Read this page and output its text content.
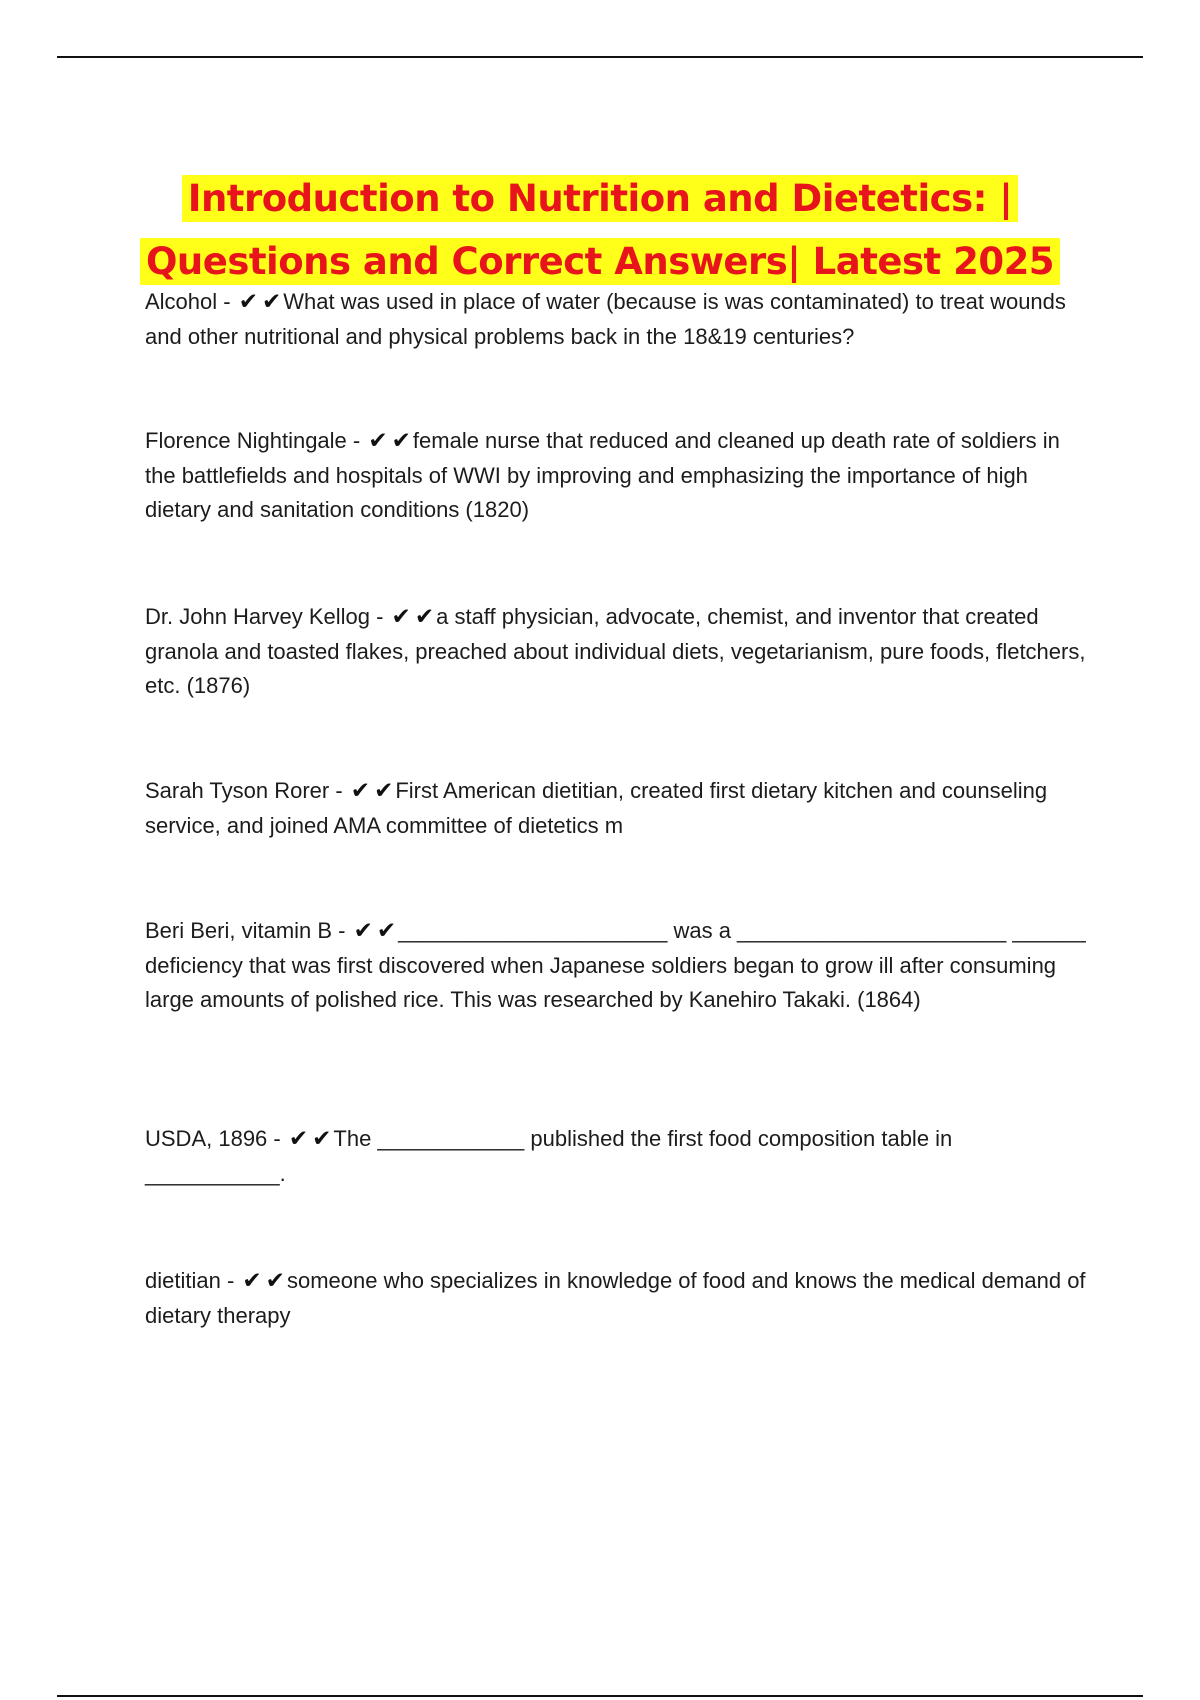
Introduction to Nutrition and Dietetics: |
Questions and Correct Answers| Latest 2025

Alcohol - ✔ ✔What was used in place of water (because is was contaminated) to treat wounds and other nutritional and physical problems back in the 18&19 centuries?

Florence Nightingale - ✔ ✔female nurse that reduced and cleaned up death rate of soldiers in the battlefields and hospitals of WWI by improving and emphasizing the importance of high dietary and sanitation conditions (1820)

Dr. John Harvey Kellog - ✔ ✔a staff physician, advocate, chemist, and inventor that created granola and toasted flakes, preached about individual diets, vegetarianism, pure foods, fletchers, etc. (1876)

Sarah Tyson Rorer - ✔ ✔First American dietitian, created first dietary kitchen and counseling service, and joined AMA committee of dietetics m

Beri Beri, vitamin B - ✔ ✔______________________ was a ______________________ ______ deficiency that was first discovered when Japanese soldiers began to grow ill after consuming large amounts of polished rice. This was researched by Kanehiro Takaki. (1864)

USDA, 1896 - ✔ ✔The ____________ published the first food composition table in ___________.

dietitian - ✔ ✔someone who specializes in knowledge of food and knows the medical demand of dietary therapy
